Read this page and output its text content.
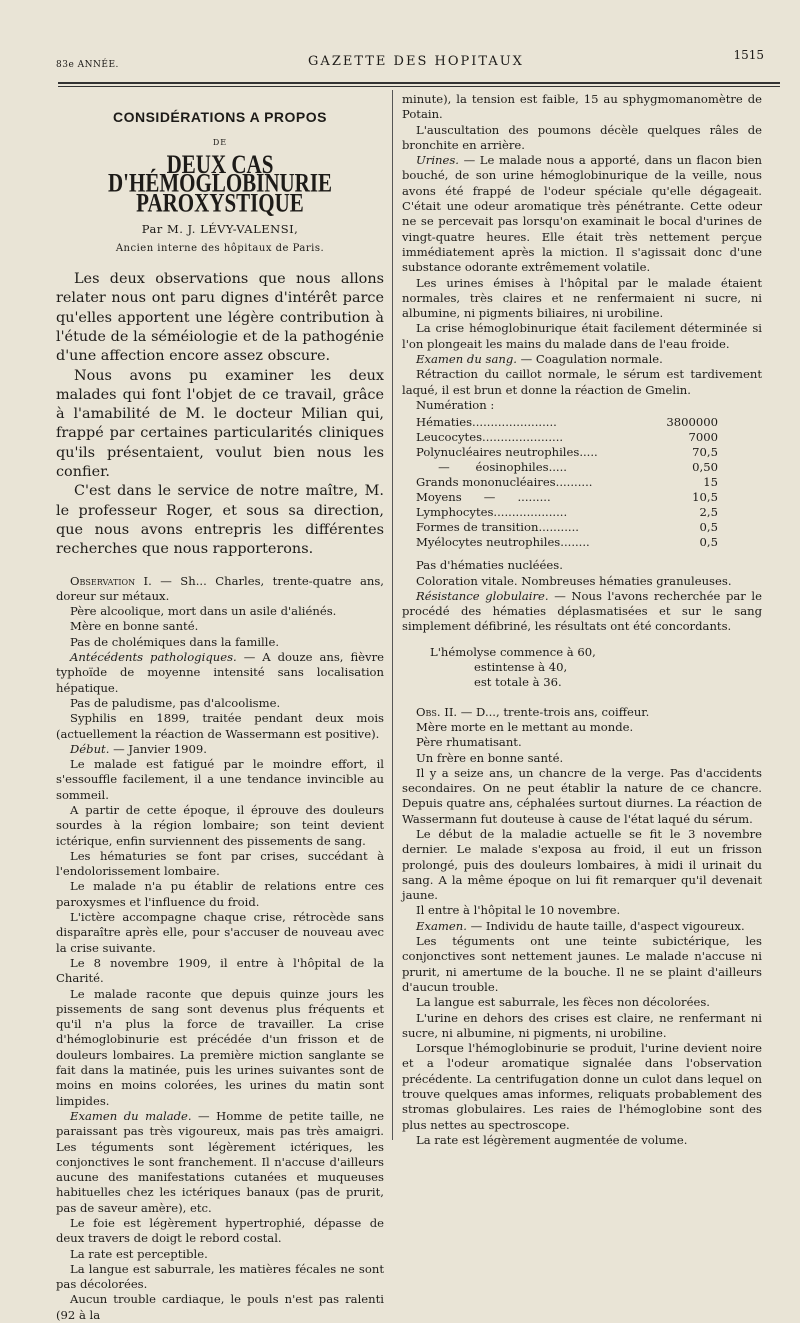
83e ANNÉE.	GAZETTE DES HOPITAUX	1515
CONSIDÉRATIONS A PROPOS
DE
DEUX CAS D'HÉMOGLOBINURIE PAROXYSTIQUE
Par M. J. LÉVY-VALENSI,
Ancien interne des hôpitaux de Paris.

Les deux observations que nous allons relater nous ont paru dignes d'intérêt parce qu'elles apportent une légère contribution à l'étude de la séméiologie et de la pathogénie d'une affection encore assez obscure.

Nous avons pu examiner les deux malades qui font l'objet de ce travail, grâce à l'amabilité de M. le docteur Milian qui, frappé par certaines particularités cliniques qu'ils présentaient, voulut bien nous les confier.

C'est dans le service de notre maître, M. le professeur Roger, et sous sa direction, que nous avons entrepris les différentes recherches que nous rapporterons.

Observation I. — Sh... Charles, trente-quatre ans, doreur sur métaux.

Père alcoolique, mort dans un asile d'aliénés.

Mère en bonne santé.

Pas de cholémiques dans la famille.

Antécédents pathologiques. — A douze ans, fièvre typhoïde de moyenne intensité sans localisation hépatique.

Pas de paludisme, pas d'alcoolisme.

Syphilis en 1899, traitée pendant deux mois (actuellement la réaction de Wassermann est positive).

Début. — Janvier 1909.

Le malade est fatigué par le moindre effort, il s'essouffle facilement, il a une tendance invincible au sommeil.

A partir de cette époque, il éprouve des douleurs sourdes à la région lombaire; son teint devient ictérique, enfin surviennent des pissements de sang.

Les hématuries se font par crises, succédant à l'endolorissement lombaire.

Le malade n'a pu établir de relations entre ces paroxysmes et l'influence du froid.

L'ictère accompagne chaque crise, rétrocède sans disparaître après elle, pour s'accuser de nouveau avec la crise suivante.

Le 8 novembre 1909, il entre à l'hôpital de la Charité.

Le malade raconte que depuis quinze jours les pissements de sang sont devenus plus fréquents et qu'il n'a plus la force de travailler. La crise d'hémoglobinurie est précédée d'un frisson et de douleurs lombaires. La première miction sanglante se fait dans la matinée, puis les urines suivantes sont de moins en moins colorées, les urines du matin sont limpides.

Examen du malade. — Homme de petite taille, ne paraissant pas très vigoureux, mais pas très amaigri. Les téguments sont légèrement ictériques, les conjonctives le sont franchement. Il n'accuse d'ailleurs aucune des manifestations cutanées et muqueuses habituelles chez les ictériques banaux (pas de prurit, pas de saveur amère), etc.

Le foie est légèrement hypertrophié, dépasse de deux travers de doigt le rebord costal.

La rate est perceptible.

La langue est saburrale, les matières fécales ne sont pas décolorées.

Aucun trouble cardiaque, le pouls n'est pas ralenti (92 à la

minute), la tension est faible, 15 au sphygmomanomètre de Potain.

L'auscultation des poumons décèle quelques râles de bronchite en arrière.

Urines. — Le malade nous a apporté, dans un flacon bien bouché, de son urine hémoglobinurique de la veille, nous avons été frappé de l'odeur spéciale qu'elle dégageait. C'était une odeur aromatique très pénétrante. Cette odeur ne se percevait pas lorsqu'on examinait le bocal d'urines de vingt-quatre heures. Elle était très nettement perçue immédiatement après la miction. Il s'agissait donc d'une substance odorante extrêmement volatile.

Les urines émises à l'hôpital par le malade étaient normales, très claires et ne renfermaient ni sucre, ni albumine, ni pigments biliaires, ni urobiline.

La crise hémoglobinurique était facilement déterminée si l'on plongeait les mains du malade dans de l'eau froide.

Examen du sang. — Coagulation normale.

Rétraction du caillot normale, le sérum est tardivement laqué, il est brun et donne la réaction de Gmelin.

Numération :

Hématies.......................	3800000
Leucocytes......................	7000
Polynucléaires neutrophiles.....	70,5
—       éosinophiles.....	0,50
Grands mononucléaires..........	15
Moyens      —      .........	10,5
Lymphocytes....................	2,5
Formes de transition...........	0,5
Myélocytes neutrophiles........	0,5

Pas d'hématies nucléées.

Coloration vitale. Nombreuses hématies granuleuses.

Résistance globulaire. — Nous l'avons recherchée par le procédé des hématies déplasmatisées et sur le sang simplement défibriné, les résultats ont été concordants.

L'hémolyse commence à 60,
estintense à 40,
est totale à 36.

Obs. II. — D..., trente-trois ans, coiffeur.

Mère morte en le mettant au monde.

Père rhumatisant.

Un frère en bonne santé.

Il y a seize ans, un chancre de la verge. Pas d'accidents secondaires. On ne peut établir la nature de ce chancre. Depuis quatre ans, céphalées surtout diurnes. La réaction de Wassermann fut douteuse à cause de l'état laqué du sérum.

Le début de la maladie actuelle se fit le 3 novembre dernier. Le malade s'exposa au froid, il eut un frisson prolongé, puis des douleurs lombaires, à midi il urinait du sang. A la même époque on lui fit remarquer qu'il devenait jaune.

Il entre à l'hôpital le 10 novembre.

Examen. — Individu de haute taille, d'aspect vigoureux.

Les téguments ont une teinte subictérique, les conjonctives sont nettement jaunes. Le malade n'accuse ni prurit, ni amertume de la bouche. Il ne se plaint d'ailleurs d'aucun trouble.

La langue est saburrale, les fèces non décolorées.

L'urine en dehors des crises est claire, ne renfermant ni sucre, ni albumine, ni pigments, ni urobiline.

Lorsque l'hémoglobinurie se produit, l'urine devient noire et a l'odeur aromatique signalée dans l'observation précédente. La centrifugation donne un culot dans lequel on trouve quelques amas informes, reliquats probablement des stromas globulaires. Les raies de l'hémoglobine sont des plus nettes au spectroscope.

La rate est légèrement augmentée de volume.
